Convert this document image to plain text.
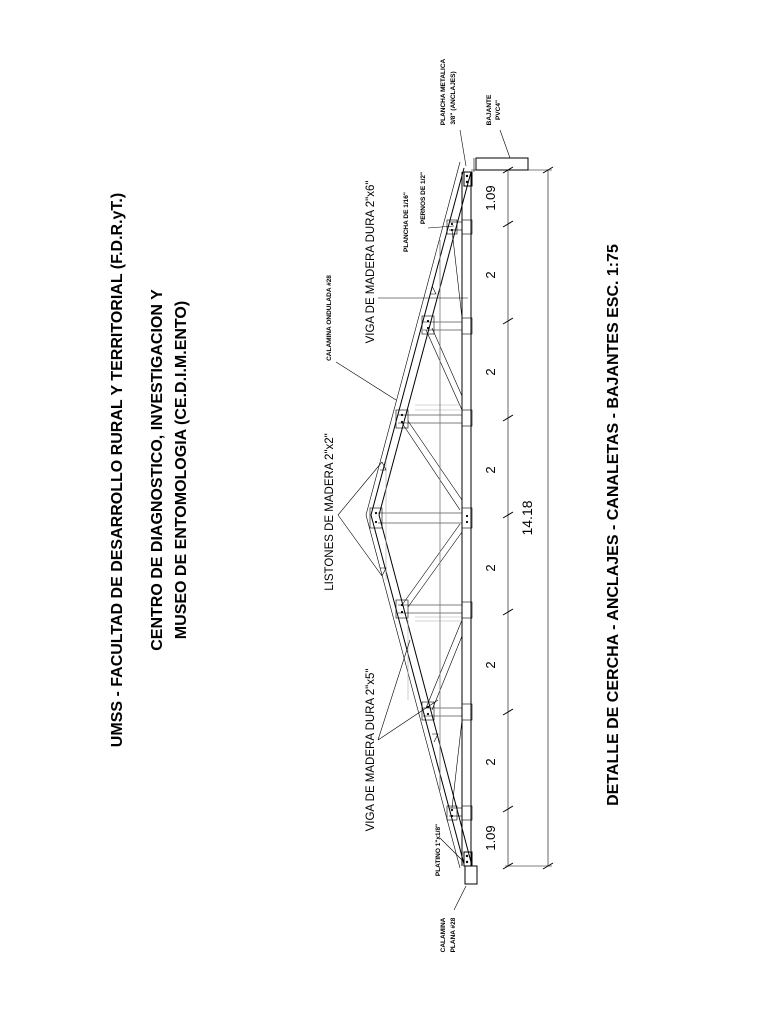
UMSS - FACULTAD DE DESARROLLO RURAL Y TERRITORIAL (F.D.R.yT.) CENTRO DE DIAGNOSTICO, INVESTIGACION Y MUSEO DE ENTOMOLOGIA (CE.D.I.M.ENTO)	DETALLE DE CERCHA - ANCLAJES - CANALETAS - BAJANTES ESC. 1:75
1.09
2
2
2
2
2
2
1.09
14.18
LISTONES DE MADERA 2"x2"
VIGA DE MADERA DURA 2"x5"
VIGA DE MADERA DURA 2"x6"
CALAMINA ONDULADA #28
PLANCHA DE 1/16" PERNOS DE 1/2"
PLANCHA METALICA 3/8" (ANCLAJES)	BAJANTE PVC4"
PLATINO 1"x1/8"
CALAMINA PLANA #28
